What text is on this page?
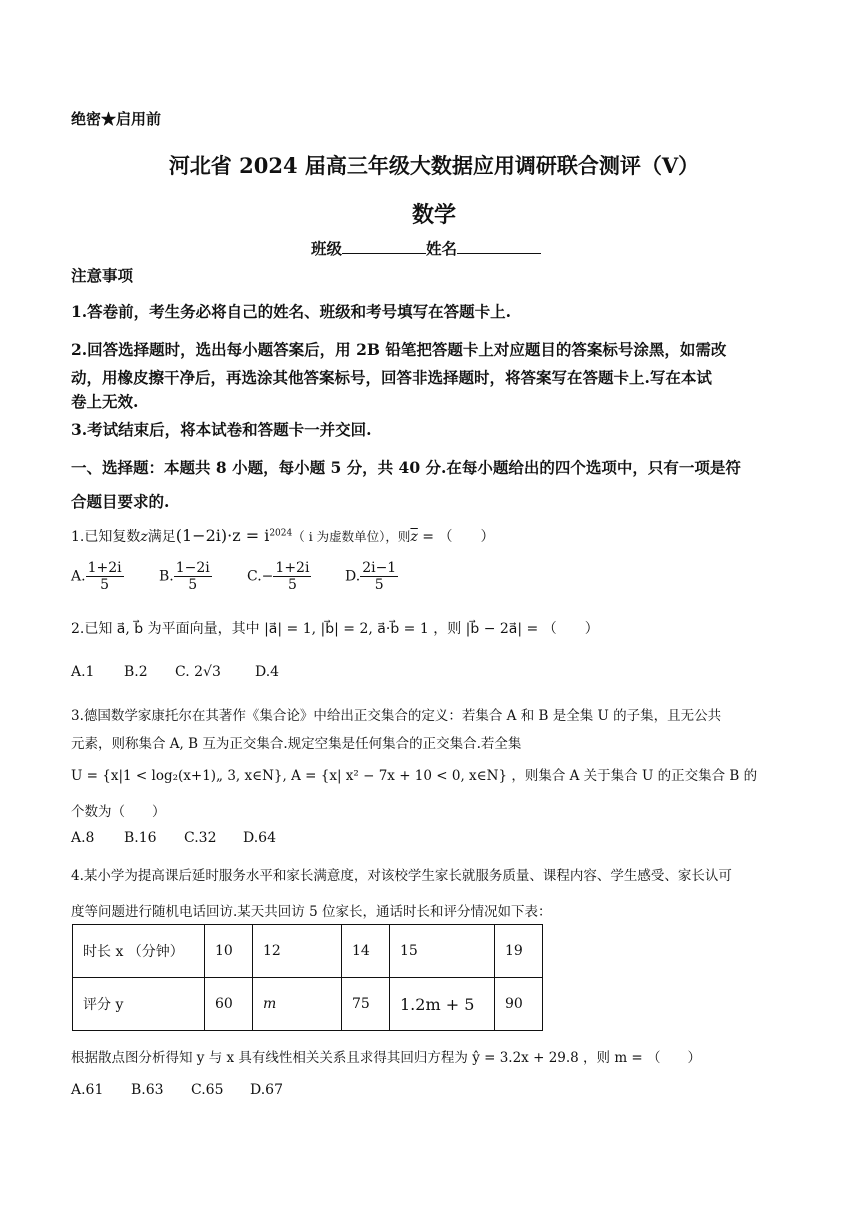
绝密★启用前
河北省 2024 届高三年级大数据应用调研联合测评（V）
数学
班级	姓名
注意事项
1.答卷前，考生务必将自己的姓名、班级和考号填写在答题卡上.
2.回答选择题时，选出每小题答案后，用 2B 铅笔把答题卡上对应题目的答案标号涂黑，如需改
动，用橡皮擦干净后，再选涂其他答案标号，回答非选择题时，将答案写在答题卡上.写在本试
卷上无效.
3.考试结束后，将本试卷和答题卡一并交回.
一、选择题：本题共 8 小题，每小题 5 分，共 40 分.在每小题给出的四个选项中，只有一项是符
合题目要求的.
1.已知复数z满足$(1-2i)\cdot z = i^{2024}$（ i 为虚数单位），则$\overline{z}$ = （　　）
A. $\frac{1+2i}{5}$	B. $\frac{1-2i}{5}$	$C.- \frac{1+2i}{5} D$. $\frac{2i-1}{5}$
2.已知 a⃗, b⃗ 为平面向量，其中 |a⃗| = 1, |b⃗| = 2, a⃗·b⃗ = 1 ，则 |b⃗ − 2a⃗| = （　　）
A.1 B.2 C. 2√3 D.4
3.德国数学家康托尔在其著作《集合论》中给出正交集合的定义：若集合 A 和 B 是全集 U 的子集，且无公共
元素，则称集合 A, B 互为正交集合.规定空集是任何集合的正交集合.若全集
U = {x|1 < log₂(x+1)„ 3, x∈N}, A = {x| x² − 7x + 10 < 0, x∈N} ，则集合 A 关于集合 U 的正交集合 B 的
个数为（　　）
A.8 B.16 C.32 D.64
4.某小学为提高课后延时服务水平和家长满意度，对该校学生家长就服务质量、课程内容、学生感受、家长认可
度等问题进行随机电话回访.某天共回访 5 位家长，通话时长和评分情况如下表：
时长 x （分钟）	10	12	14	15	19
评分 y	60	m	75	1.2m + 5	90
根据散点图分析得知 y 与 x 具有线性相关关系且求得其回归方程为 ŷ = 3.2x + 29.8 ，则 m = （　　）
A.61 B.63 C.65 D.67
